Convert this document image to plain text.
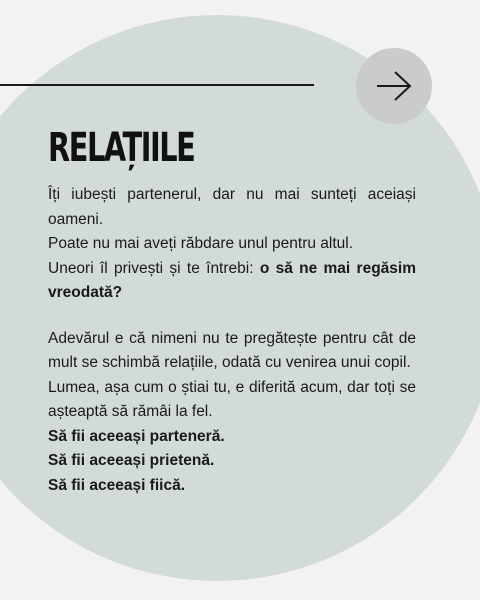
RELAȚIILE

Îți iubești partenerul, dar nu mai sunteți aceiași oameni.

Poate nu mai aveți răbdare unul pentru altul.

Uneori îl privești și te întrebi: o să ne mai regăsim vreodată?

Adevărul e că nimeni nu te pregătește pentru cât de mult se schimbă relațiile, odată cu venirea unui copil.

Lumea, așa cum o știai tu, e diferită acum, dar toți se așteaptă să rămâi la fel.

Să fii aceeași parteneră.

Să fii aceeași prietenă.

Să fii aceeași fiică.
